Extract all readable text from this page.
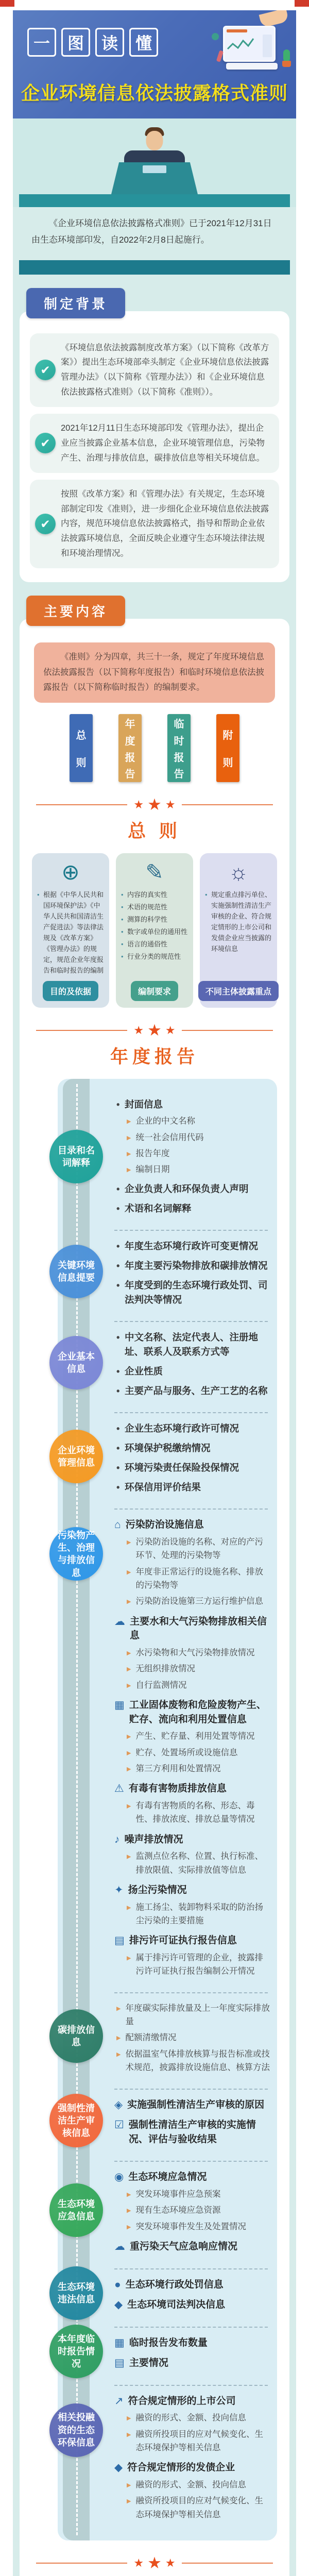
一	图	读	懂
企业环境信息依法披露格式准则

《企业环境信息依法披露格式准则》已于2021年12月31日由生态环境部印发，自2022年2月8日起施行。

制定背景
✔
《环境信息依法披露制度改革方案》（以下简称《改革方案》）提出生态环境部牵头制定《企业环境信息依法披露管理办法》（以下简称《管理办法》）和《企业环境信息依法披露格式准则》（以下简称《准则》）。
✔
2021年12月11日生态环境部印发《管理办法》，提出企业应当披露企业基本信息，企业环境管理信息，污染物产生、治理与排放信息，碳排放信息等相关环境信息。
✔
按照《改革方案》和《管理办法》有关规定，生态环境部制定印发《准则》，进一步细化企业环境信息依法披露内容，规范环境信息依法披露格式，指导和帮助企业依法披露环境信息，全面反映企业遵守生态环境法律法规和环境治理情况。
主要内容
《准则》分为四章，共三十一条，规定了年度环境信息依法披露报告（以下简称年度报告）和临时环境信息依法披露报告（以下简称临时报告）的编制要求。
总
则
年
度
报
告
临
时
报
告
附
则
★ ★ ★
总 则
⊕
• 根据《中华人民共和国环境保护法》《中华人民共和国清洁生产促进法》等法律法规及《改革方案》《管理办法》的规定，规范企业年度报告和临时报告的编制
目的及依据
✎
• 内容的真实性
• 术语的规范性
• 测算的科学性
• 数字或单位的通用性
• 语言的通俗性
• 行业分类的规范性
编制要求
☼
• 规定重点排污单位、实施强制性清洁生产审核的企业、符合规定情形的上市公司和发债企业应当披露的环境信息
不同主体披露重点
★ ★ ★
年度报告
目录和名词解释
• 封面信息
▶ 企业的中文名称
▶ 统一社会信用代码
▶ 报告年度
▶ 编制日期
• 企业负责人和环保负责人声明
• 术语和名词解释
关键环境信息提要
• 年度生态环境行政许可变更情况
• 年度主要污染物排放和碳排放情况
• 年度受到的生态环境行政处罚、司法判决等情况
企业基本信息
• 中文名称、法定代表人、注册地址、联系人及联系方式等
• 企业性质
• 主要产品与服务、生产工艺的名称
企业环境管理信息
• 企业生态环境行政许可情况
• 环境保护税缴纳情况
• 环境污染责任保险投保情况
• 环保信用评价结果
污染物产生、治理与排放信息
⌂ 污染防治设施信息
▶ 污染防治设施的名称、对应的产污环节、处理的污染物等
▶ 年度非正常运行的设施名称、排放的污染物等
▶ 污染防治设施第三方运行维护信息
☁ 主要水和大气污染物排放相关信息
▶ 水污染物和大气污染物排放情况
▶ 无组织排放情况
▶ 自行监测情况
▦ 工业固体废物和危险废物产生、贮存、流向和利用处置信息
▶ 产生、贮存量、利用处置等情况
▶ 贮存、处置场所或设施信息
▶ 第三方利用和处置情况
⚠ 有毒有害物质排放信息
▶ 有毒有害物质的名称、形态、毒性、排放浓度、排放总量等情况
♪ 噪声排放情况
▶ 监测点位名称、位置、执行标准、排放限值、实际排放值等信息
✦ 扬尘污染情况
▶ 施工扬尘、装卸物料采取的防治扬尘污染的主要措施
▤ 排污许可证执行报告信息
▶ 属于排污许可管理的企业，披露排污许可证执行报告编制公开情况
碳排放信息
▶ 年度碳实际排放量及上一年度实际排放量
▶ 配额清缴情况
▶ 依据温室气体排放核算与报告标准或技术规范，披露排放设施信息、核算方法
强制性清洁生产审核信息
◈ 实施强制性清洁生产审核的原因
☑ 强制性清洁生产审核的实施情况、评估与验收结果
生态环境应急信息
◉ 生态环境应急情况
▶ 突发环境事件应急预案
▶ 现有生态环境应急资源
▶ 突发环境事件发生及处置情况
☁ 重污染天气应急响应情况
生态环境违法信息
● 生态环境行政处罚信息
◆ 生态环境司法判决信息
本年度临时报告情况
▦ 临时报告发布数量
▤ 主要情况
相关投融资的生态环保信息
↗ 符合规定情形的上市公司
▶ 融资的形式、金额、投向信息
▶ 融资所投项目的应对气候变化、生态环境保护等相关信息
◆ 符合规定情形的发债企业
▶ 融资的形式、金额、投向信息
▶ 融资所投项目的应对气候变化、生态环境保护等相关信息
★ ★ ★
